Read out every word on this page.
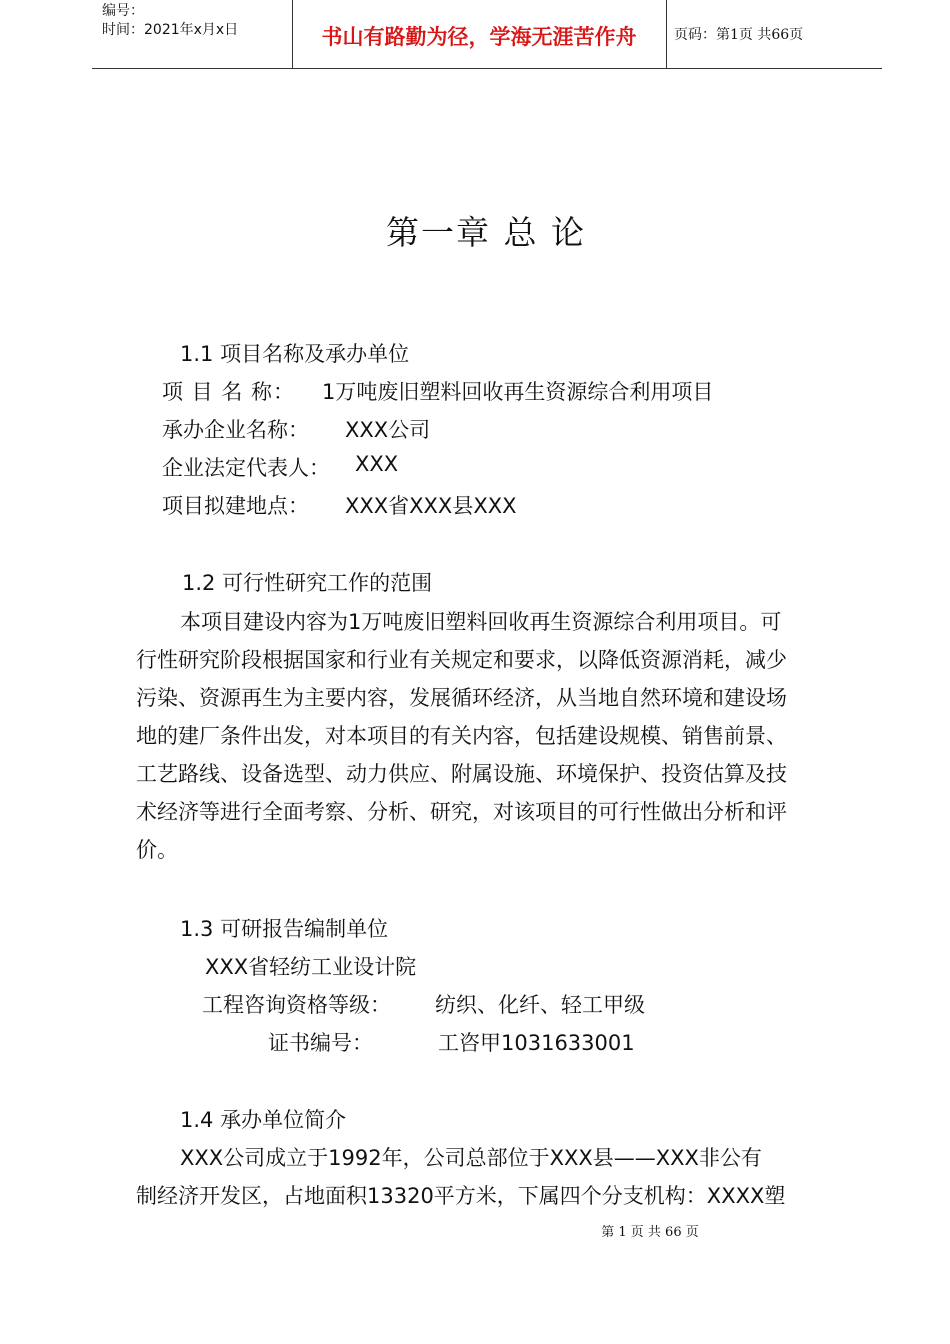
编号：
时间：2021年x月x日	书山有路勤为径，学海无涯苦作舟	页码：第1页 共66页
第一章 总 论
1.1 项目名称及承办单位
项 目 名 称： 1万吨废旧塑料回收再生资源综合利用项目
承办企业名称： XXX公司
企业法定代表人： XXX
项目拟建地点： XXX省XXX县XXX
1.2 可行性研究工作的范围
本项目建设内容为1万吨废旧塑料回收再生资源综合利用项目。可
行性研究阶段根据国家和行业有关规定和要求，以降低资源消耗，减少
污染、资源再生为主要内容，发展循环经济，从当地自然环境和建设场
地的建厂条件出发，对本项目的有关内容，包括建设规模、销售前景、
工艺路线、设备选型、动力供应、附属设施、环境保护、投资估算及技
术经济等进行全面考察、分析、研究，对该项目的可行性做出分析和评
价。
1.3 可研报告编制单位
XXX省轻纺工业设计院
工程咨询资格等级： 纺织、化纤、轻工甲级
证书编号：	工咨甲1031633001
1.4 承办单位简介
XXX公司成立于1992年，公司总部位于XXX县——XXX非公有
制经济开发区，占地面积13320平方米，下属四个分支机构：XXXX塑
第 1 页 共 66 页
